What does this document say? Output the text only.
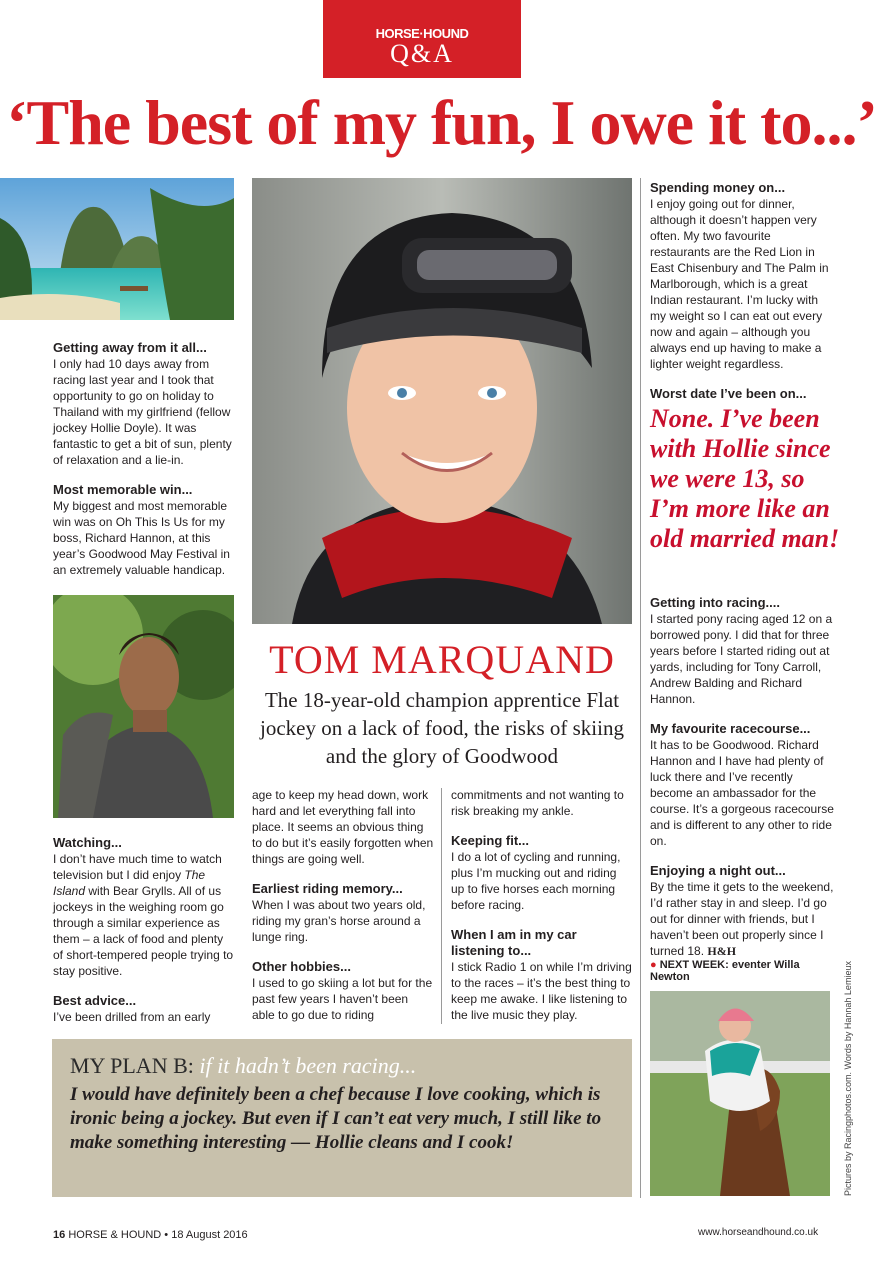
HORSE·HOUND
Q&A
‘The best of my fun, I owe it to...’

Getting away from it all...

I only had 10 days away from racing last year and I took that opportunity to go on holiday to Thailand with my girlfriend (fellow jockey Hollie Doyle). It was fantastic to get a bit of sun, plenty of relaxation and a lie-in.

Most memorable win...

My biggest and most memorable win was on Oh This Is Us for my boss, Richard Hannon, at this year’s Goodwood May Festival in an extremely valuable handicap.

Watching...

I don’t have much time to watch television but I did enjoy The Island with Bear Grylls. All of us jockeys in the weighing room go through a similar experience as them – a lack of food and plenty of short-tempered people trying to stay positive.

Best advice...

I’ve been drilled from an early

TOM MARQUAND
The 18-year-old champion apprentice Flat jockey on a lack of food, the risks of skiing and the glory of Goodwood

age to keep my head down, work hard and let everything fall into place. It seems an obvious thing to do but it’s easily forgotten when things are going well.

Earliest riding memory...

When I was about two years old, riding my gran’s horse around a lunge ring.

Other hobbies...

I used to go skiing a lot but for the past few years I haven’t been able to go due to riding

commitments and not wanting to risk breaking my ankle.

Keeping fit...

I do a lot of cycling and running, plus I’m mucking out and riding up to five horses each morning before racing.

When I am in my car listening to...

I stick Radio 1 on while I’m driving to the races – it’s the best thing to keep me awake. I like listening to the live music they play.

Spending money on...

I enjoy going out for dinner, although it doesn’t happen very often. My two favourite restaurants are the Red Lion in East Chisenbury and The Palm in Marlborough, which is a great Indian restaurant. I’m lucky with my weight so I can eat out every now and again – although you always end up having to make a lighter weight regardless.

Worst date I’ve been on...

None. I’ve been with Hollie since we were 13, so I’m more like an old married man!

Getting into racing....

I started pony racing aged 12 on a borrowed pony. I did that for three years before I started riding out at yards, including for Tony Carroll, Andrew Balding and Richard Hannon.

My favourite racecourse...

It has to be Goodwood. Richard Hannon and I have had plenty of luck there and I’ve recently become an ambassador for the course. It’s a gorgeous racecourse and is different to any other to ride on.

Enjoying a night out...

By the time it gets to the weekend, I’d rather stay in and sleep. I’d go out for dinner with friends, but I haven’t been out properly since I turned 18. H&H

● NEXT WEEK: eventer Willa Newton	Pictures by Racingphotos.com. Words by Hannah Lemieux
MY PLAN B: if it hadn’t been racing...
I would have definitely been a chef because I love cooking, which is ironic being a jockey. But even if I can’t eat very much, I still like to make something interesting — Hollie cleans and I cook!
16 HORSE & HOUND • 18 August 2016	www.horseandhound.co.uk
